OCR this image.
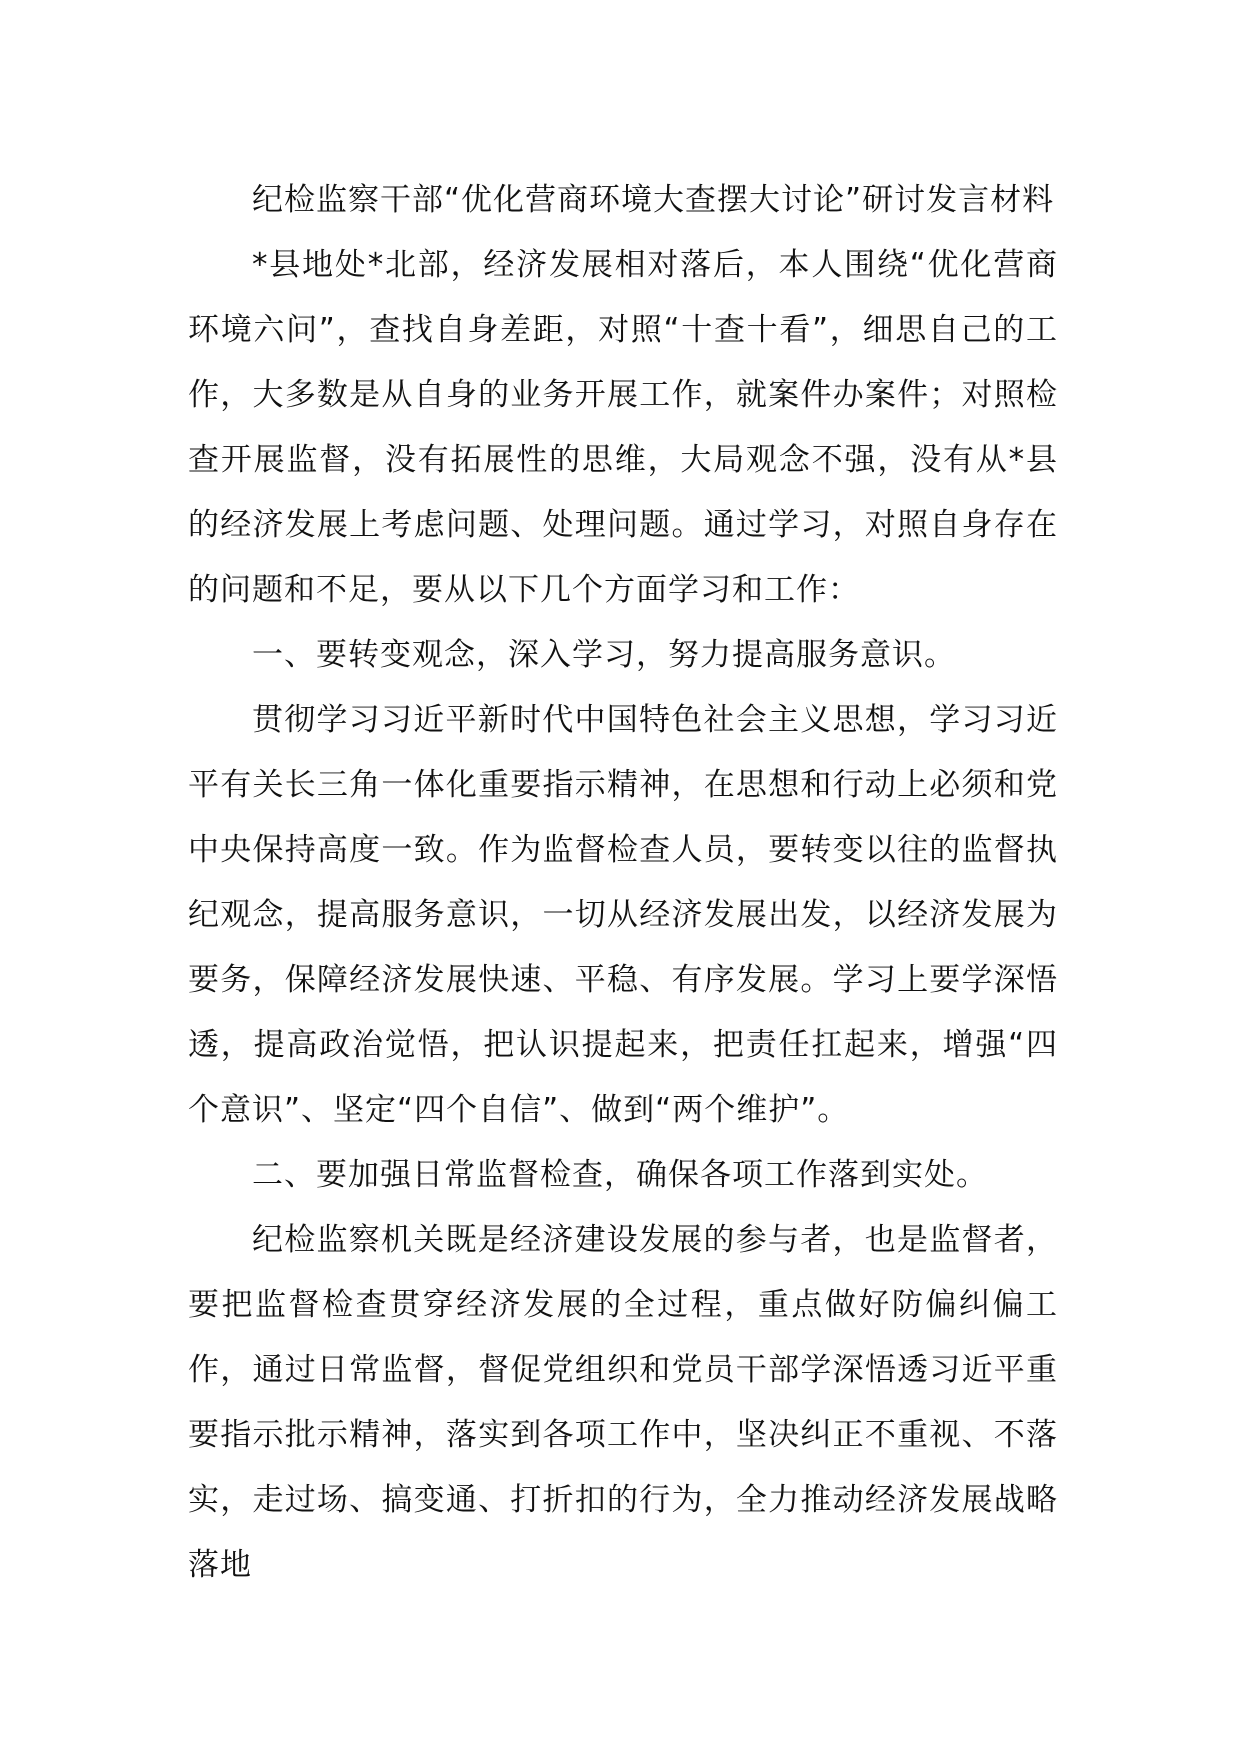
纪检监察干部“优化营商环境大查摆大讨论”研讨发言材料

*县地处*北部，经济发展相对落后，本人围绕“优化营商环境六问”，查找自身差距，对照“十查十看”，细思自己的工作，大多数是从自身的业务开展工作，就案件办案件；对照检查开展监督，没有拓展性的思维，大局观念不强，没有从*县的经济发展上考虑问题、处理问题。通过学习，对照自身存在的问题和不足，要从以下几个方面学习和工作：

一、要转变观念，深入学习，努力提高服务意识。

贯彻学习习近平新时代中国特色社会主义思想，学习习近平有关长三角一体化重要指示精神，在思想和行动上必须和党中央保持高度一致。作为监督检查人员，要转变以往的监督执纪观念，提高服务意识，一切从经济发展出发，以经济发展为要务，保障经济发展快速、平稳、有序发展。学习上要学深悟透，提高政治觉悟，把认识提起来，把责任扛起来，增强“四个意识”、坚定“四个自信”、做到“两个维护”。

二、要加强日常监督检查，确保各项工作落到实处。

纪检监察机关既是经济建设发展的参与者，也是监督者，要把监督检查贯穿经济发展的全过程，重点做好防偏纠偏工作，通过日常监督，督促党组织和党员干部学深悟透习近平重要指示批示精神，落实到各项工作中，坚决纠正不重视、不落实，走过场、搞变通、打折扣的行为，全力推动经济发展战略落地
